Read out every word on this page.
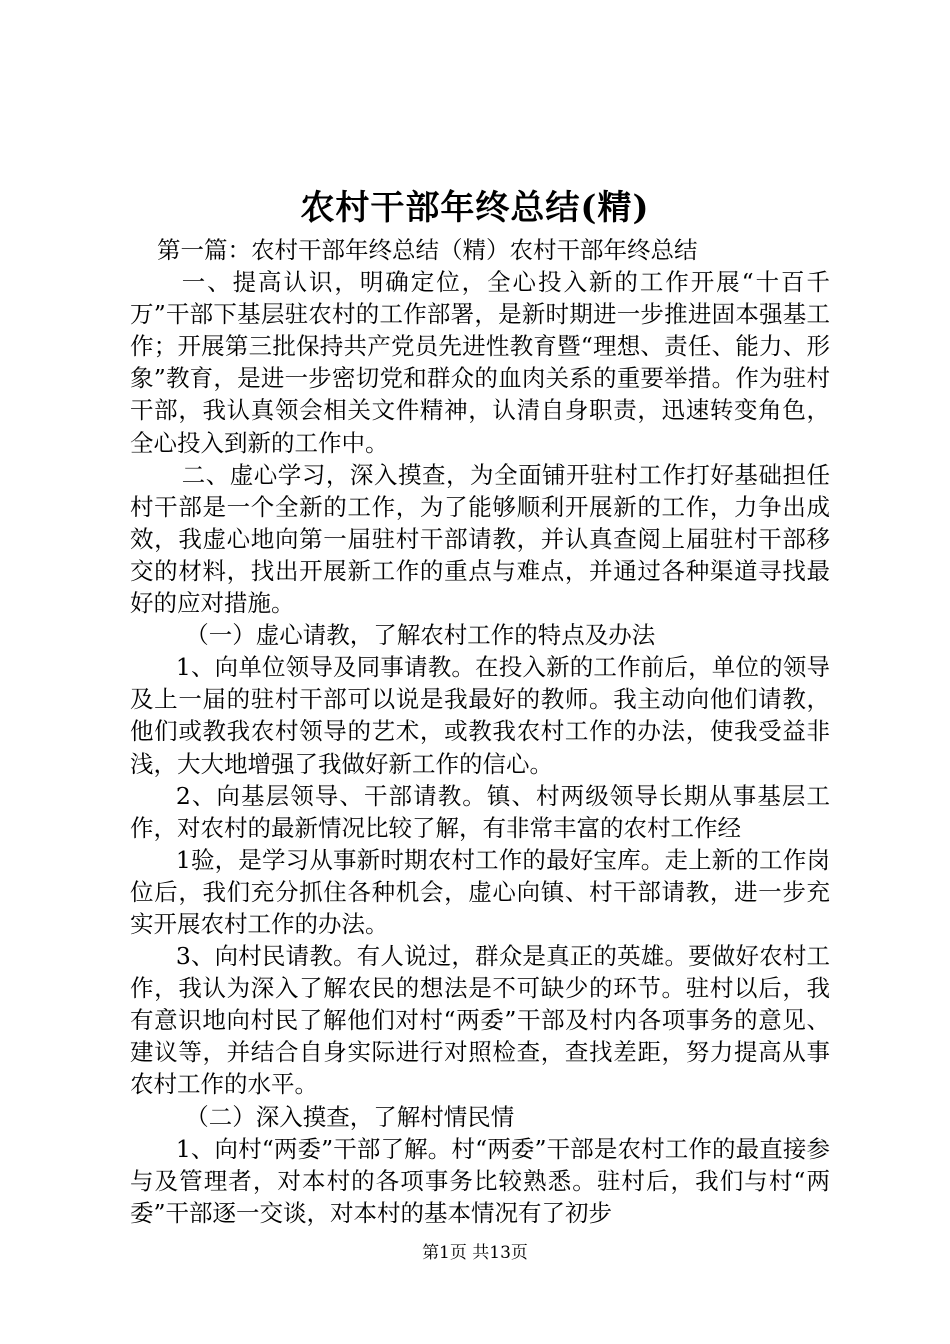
农村干部年终总结(精)

第一篇：农村干部年终总结（精）农村干部年终总结

一、提高认识，明确定位，全心投入新的工作开展“十百千万”干部下基层驻农村的工作部署，是新时期进一步推进固本强基工作；开展第三批保持共产党员先进性教育暨“理想、责任、能力、形象”教育，是进一步密切党和群众的血肉关系的重要举措。作为驻村干部，我认真领会相关文件精神，认清自身职责，迅速转变角色，全心投入到新的工作中。

二、虚心学习，深入摸查，为全面铺开驻村工作打好基础担任村干部是一个全新的工作，为了能够顺利开展新的工作，力争出成效，我虚心地向第一届驻村干部请教，并认真查阅上届驻村干部移交的材料，找出开展新工作的重点与难点，并通过各种渠道寻找最好的应对措施。

（一）虚心请教，了解农村工作的特点及办法

1、向单位领导及同事请教。在投入新的工作前后，单位的领导及上一届的驻村干部可以说是我最好的教师。我主动向他们请教，他们或教我农村领导的艺术，或教我农村工作的办法，使我受益非浅，大大地增强了我做好新工作的信心。

2、向基层领导、干部请教。镇、村两级领导长期从事基层工作，对农村的最新情况比较了解，有非常丰富的农村工作经

1验，是学习从事新时期农村工作的最好宝库。走上新的工作岗位后，我们充分抓住各种机会，虚心向镇、村干部请教，进一步充实开展农村工作的办法。

3、向村民请教。有人说过，群众是真正的英雄。要做好农村工作，我认为深入了解农民的想法是不可缺少的环节。驻村以后，我有意识地向村民了解他们对村“两委”干部及村内各项事务的意见、建议等，并结合自身实际进行对照检查，查找差距，努力提高从事农村工作的水平。

（二）深入摸查，了解村情民情

1、向村“两委”干部了解。村“两委”干部是农村工作的最直接参与及管理者，对本村的各项事务比较熟悉。驻村后，我们与村“两委”干部逐一交谈，对本村的基本情况有了初步

第1页 共13页
